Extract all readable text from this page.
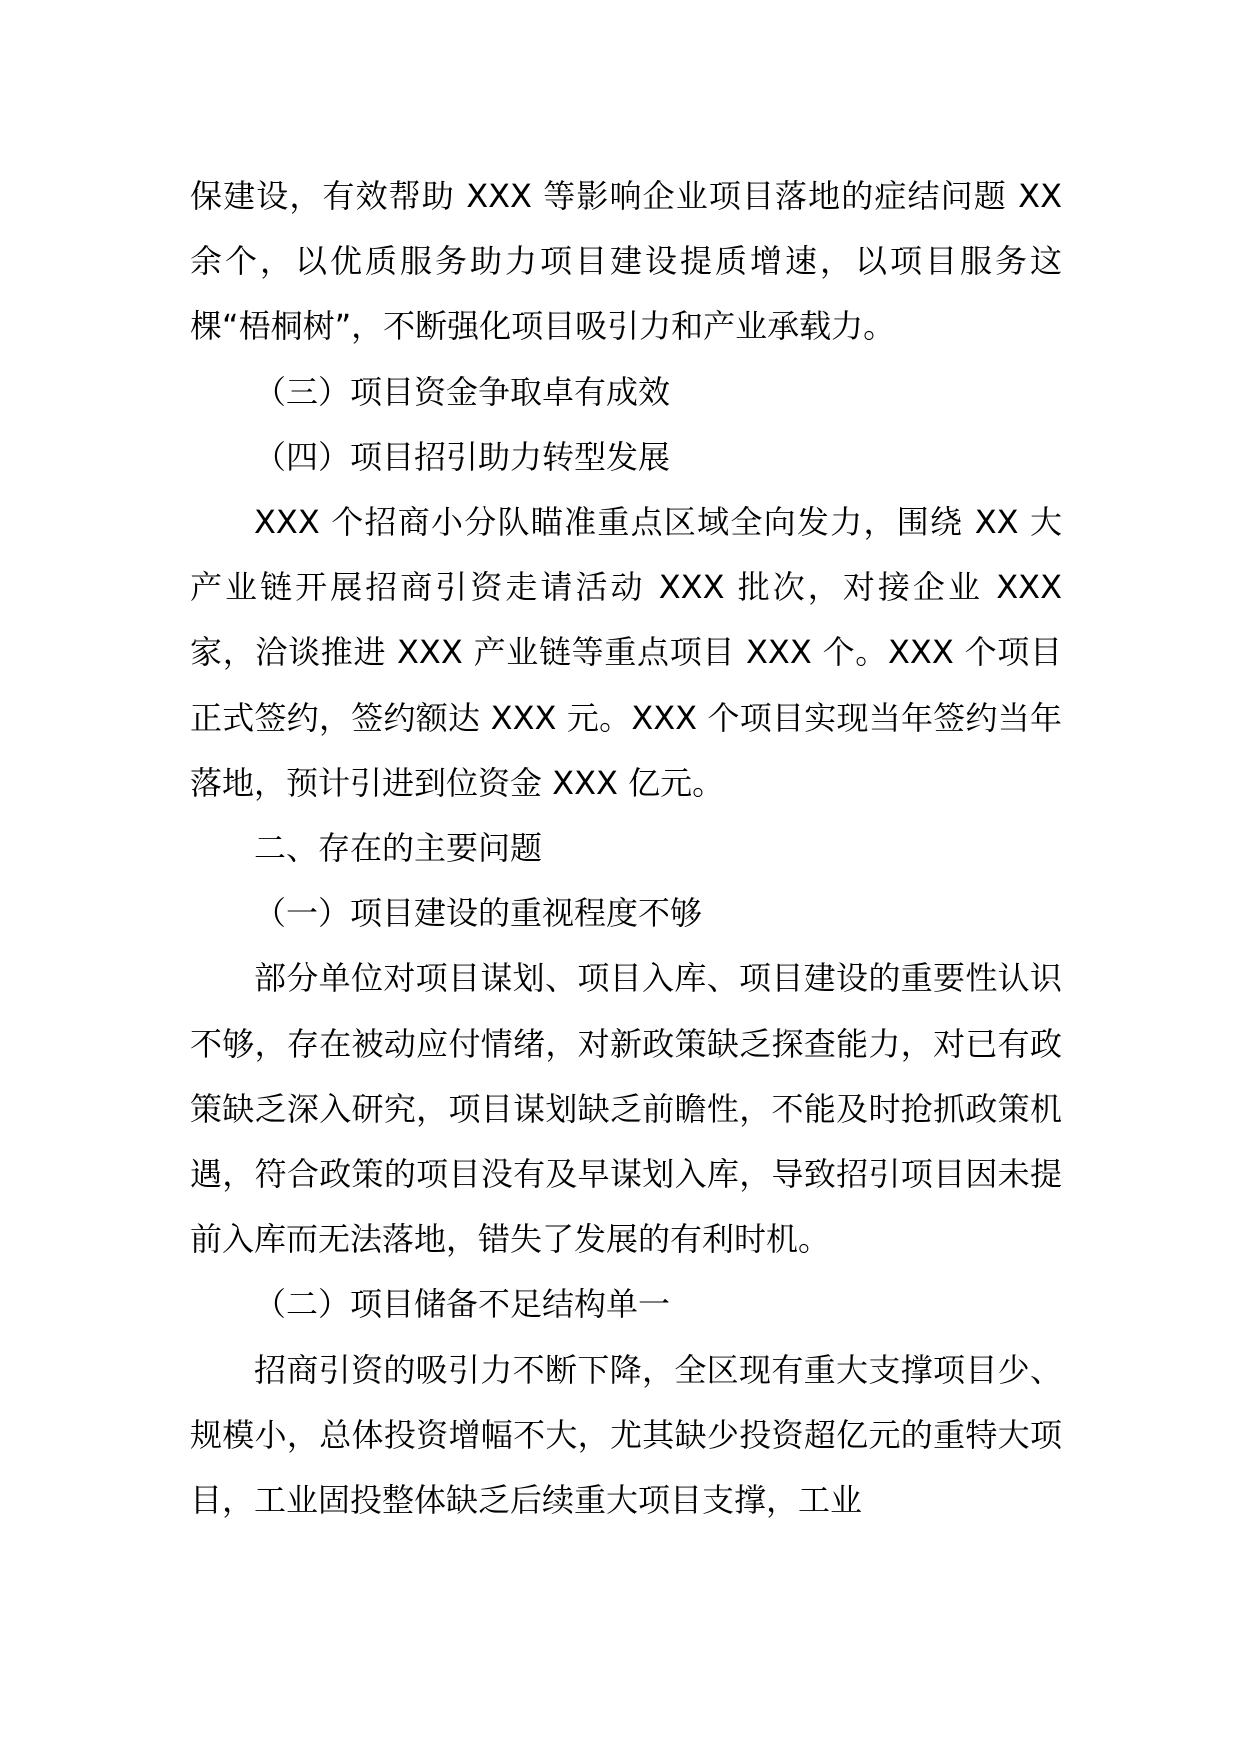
保建设，有效帮助 XXX 等影响企业项目落地的症结问题 XX 余个，以优质服务助力项目建设提质增速，以项目服务这棵“梧桐树”，不断强化项目吸引力和产业承载力。

（三）项目资金争取卓有成效

（四）项目招引助力转型发展

XXX 个招商小分队瞄准重点区域全向发力，围绕 XX 大产业链开展招商引资走请活动 XXX 批次，对接企业 XXX 家，洽谈推进 XXX 产业链等重点项目 XXX 个。XXX 个项目正式签约，签约额达 XXX 元。XXX 个项目实现当年签约当年落地，预计引进到位资金 XXX 亿元。

二、存在的主要问题

（一）项目建设的重视程度不够

部分单位对项目谋划、项目入库、项目建设的重要性认识不够，存在被动应付情绪，对新政策缺乏探查能力，对已有政策缺乏深入研究，项目谋划缺乏前瞻性，不能及时抢抓政策机遇，符合政策的项目没有及早谋划入库，导致招引项目因未提前入库而无法落地，错失了发展的有利时机。

（二）项目储备不足结构单一

招商引资的吸引力不断下降，全区现有重大支撑项目少、规模小，总体投资增幅不大，尤其缺少投资超亿元的重特大项目，工业固投整体缺乏后续重大项目支撑，工业
